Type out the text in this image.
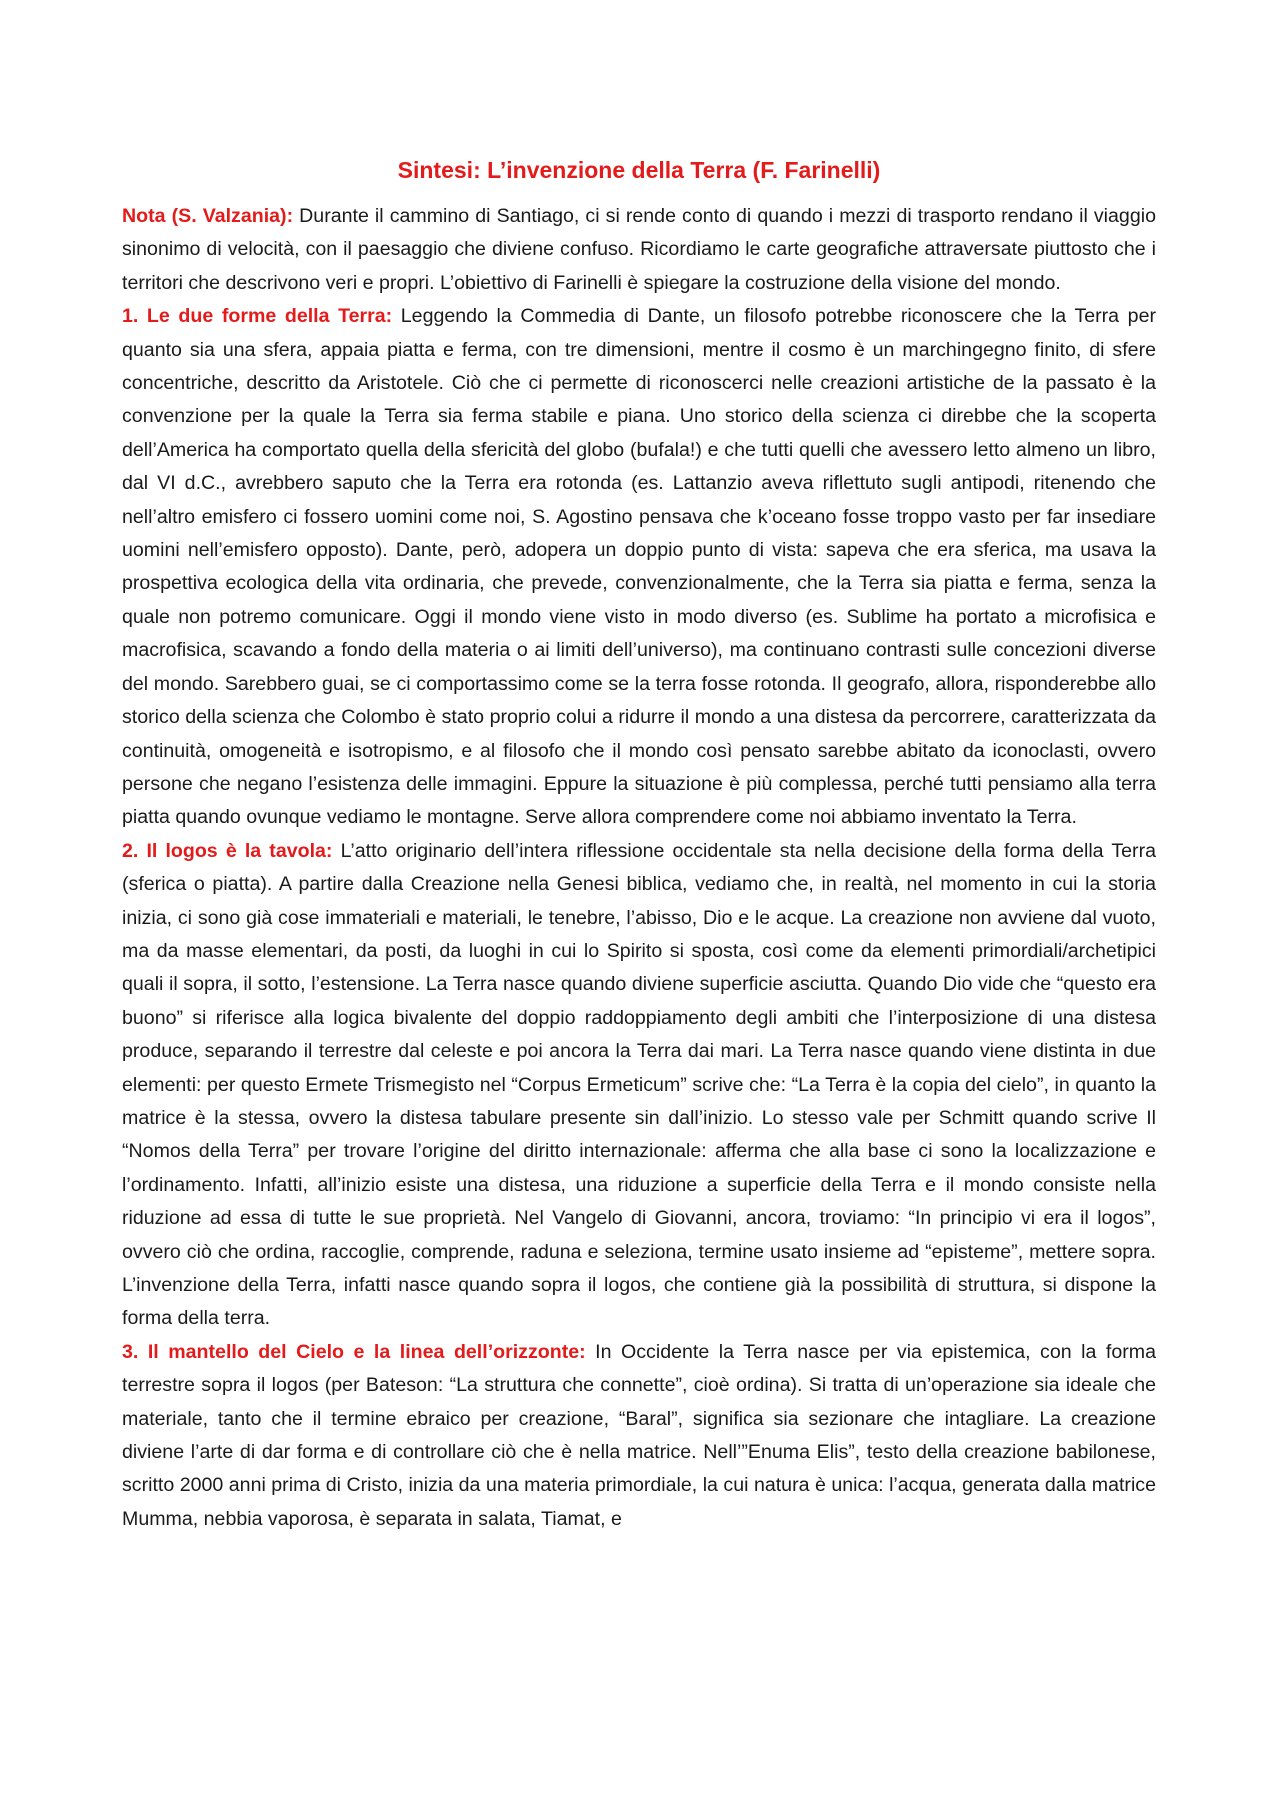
Sintesi: L’invenzione della Terra (F. Farinelli)

Nota (S. Valzania): Durante il cammino di Santiago, ci si rende conto di quando i mezzi di trasporto rendano il viaggio sinonimo di velocità, con il paesaggio che diviene confuso. Ricordiamo le carte geografiche attraversate piuttosto che i territori che descrivono veri e propri. L’obiettivo di Farinelli è spiegare la costruzione della visione del mondo.

1. Le due forme della Terra: Leggendo la Commedia di Dante, un filosofo potrebbe riconoscere che la Terra per quanto sia una sfera, appaia piatta e ferma, con tre dimensioni, mentre il cosmo è un marchingegno finito, di sfere concentriche, descritto da Aristotele. Ciò che ci permette di riconoscerci nelle creazioni artistiche de la passato è la convenzione per la quale la Terra sia ferma stabile e piana. Uno storico della scienza ci direbbe che la scoperta dell’America ha comportato quella della sfericità del globo (bufala!) e che tutti quelli che avessero letto almeno un libro, dal VI d.C., avrebbero saputo che la Terra era rotonda (es. Lattanzio aveva riflettuto sugli antipodi, ritenendo che nell’altro emisfero ci fossero uomini come noi, S. Agostino pensava che k’oceano fosse troppo vasto per far insediare uomini nell’emisfero opposto). Dante, però, adopera un doppio punto di vista: sapeva che era sferica, ma usava la prospettiva ecologica della vita ordinaria, che prevede, convenzionalmente, che la Terra sia piatta e ferma, senza la quale non potremo comunicare. Oggi il mondo viene visto in modo diverso (es. Sublime ha portato a microfisica e macrofisica, scavando a fondo della materia o ai limiti dell’universo), ma continuano contrasti sulle concezioni diverse del mondo. Sarebbero guai, se ci comportassimo come se la terra fosse rotonda. Il geografo, allora, risponderebbe allo storico della scienza che Colombo è stato proprio colui a ridurre il mondo a una distesa da percorrere, caratterizzata da continuità, omogeneità e isotropismo, e al filosofo che il mondo così pensato sarebbe abitato da iconoclasti, ovvero persone che negano l’esistenza delle immagini. Eppure la situazione è più complessa, perché tutti pensiamo alla terra piatta quando ovunque vediamo le montagne. Serve allora comprendere come noi abbiamo inventato la Terra.

2. Il logos è la tavola: L’atto originario dell’intera riflessione occidentale sta nella decisione della forma della Terra (sferica o piatta). A partire dalla Creazione nella Genesi biblica, vediamo che, in realtà, nel momento in cui la storia inizia, ci sono già cose immateriali e materiali, le tenebre, l’abisso, Dio e le acque. La creazione non avviene dal vuoto, ma da masse elementari, da posti, da luoghi in cui lo Spirito si sposta, così come da elementi primordiali/archetipici quali il sopra, il sotto, l’estensione. La Terra nasce quando diviene superficie asciutta. Quando Dio vide che “questo era buono” si riferisce alla logica bivalente del doppio raddoppiamento degli ambiti che l’interposizione di una distesa produce, separando il terrestre dal celeste e poi ancora la Terra dai mari. La Terra nasce quando viene distinta in due elementi: per questo Ermete Trismegisto nel “Corpus Ermeticum” scrive che: “La Terra è la copia del cielo”, in quanto la matrice è la stessa, ovvero la distesa tabulare presente sin dall’inizio. Lo stesso vale per Schmitt quando scrive Il “Nomos della Terra” per trovare l’origine del diritto internazionale: afferma che alla base ci sono la localizzazione e l’ordinamento. Infatti, all’inizio esiste una distesa, una riduzione a superficie della Terra e il mondo consiste nella riduzione ad essa di tutte le sue proprietà. Nel Vangelo di Giovanni, ancora, troviamo: “In principio vi era il logos”, ovvero ciò che ordina, raccoglie, comprende, raduna e seleziona, termine usato insieme ad “episteme”, mettere sopra. L’invenzione della Terra, infatti nasce quando sopra il logos, che contiene già la possibilità di struttura, si dispone la forma della terra.

3. Il mantello del Cielo e la linea dell’orizzonte: In Occidente la Terra nasce per via epistemica, con la forma terrestre sopra il logos (per Bateson: “La struttura che connette”, cioè ordina). Si tratta di un’operazione sia ideale che materiale, tanto che il termine ebraico per creazione, “Baral”, significa sia sezionare che intagliare. La creazione diviene l’arte di dar forma e di controllare ciò che è nella matrice. Nell’”Enuma Elis”, testo della creazione babilonese, scritto 2000 anni prima di Cristo, inizia da una materia primordiale, la cui natura è unica: l’acqua, generata dalla matrice Mumma, nebbia vaporosa, è separata in salata, Tiamat, e
